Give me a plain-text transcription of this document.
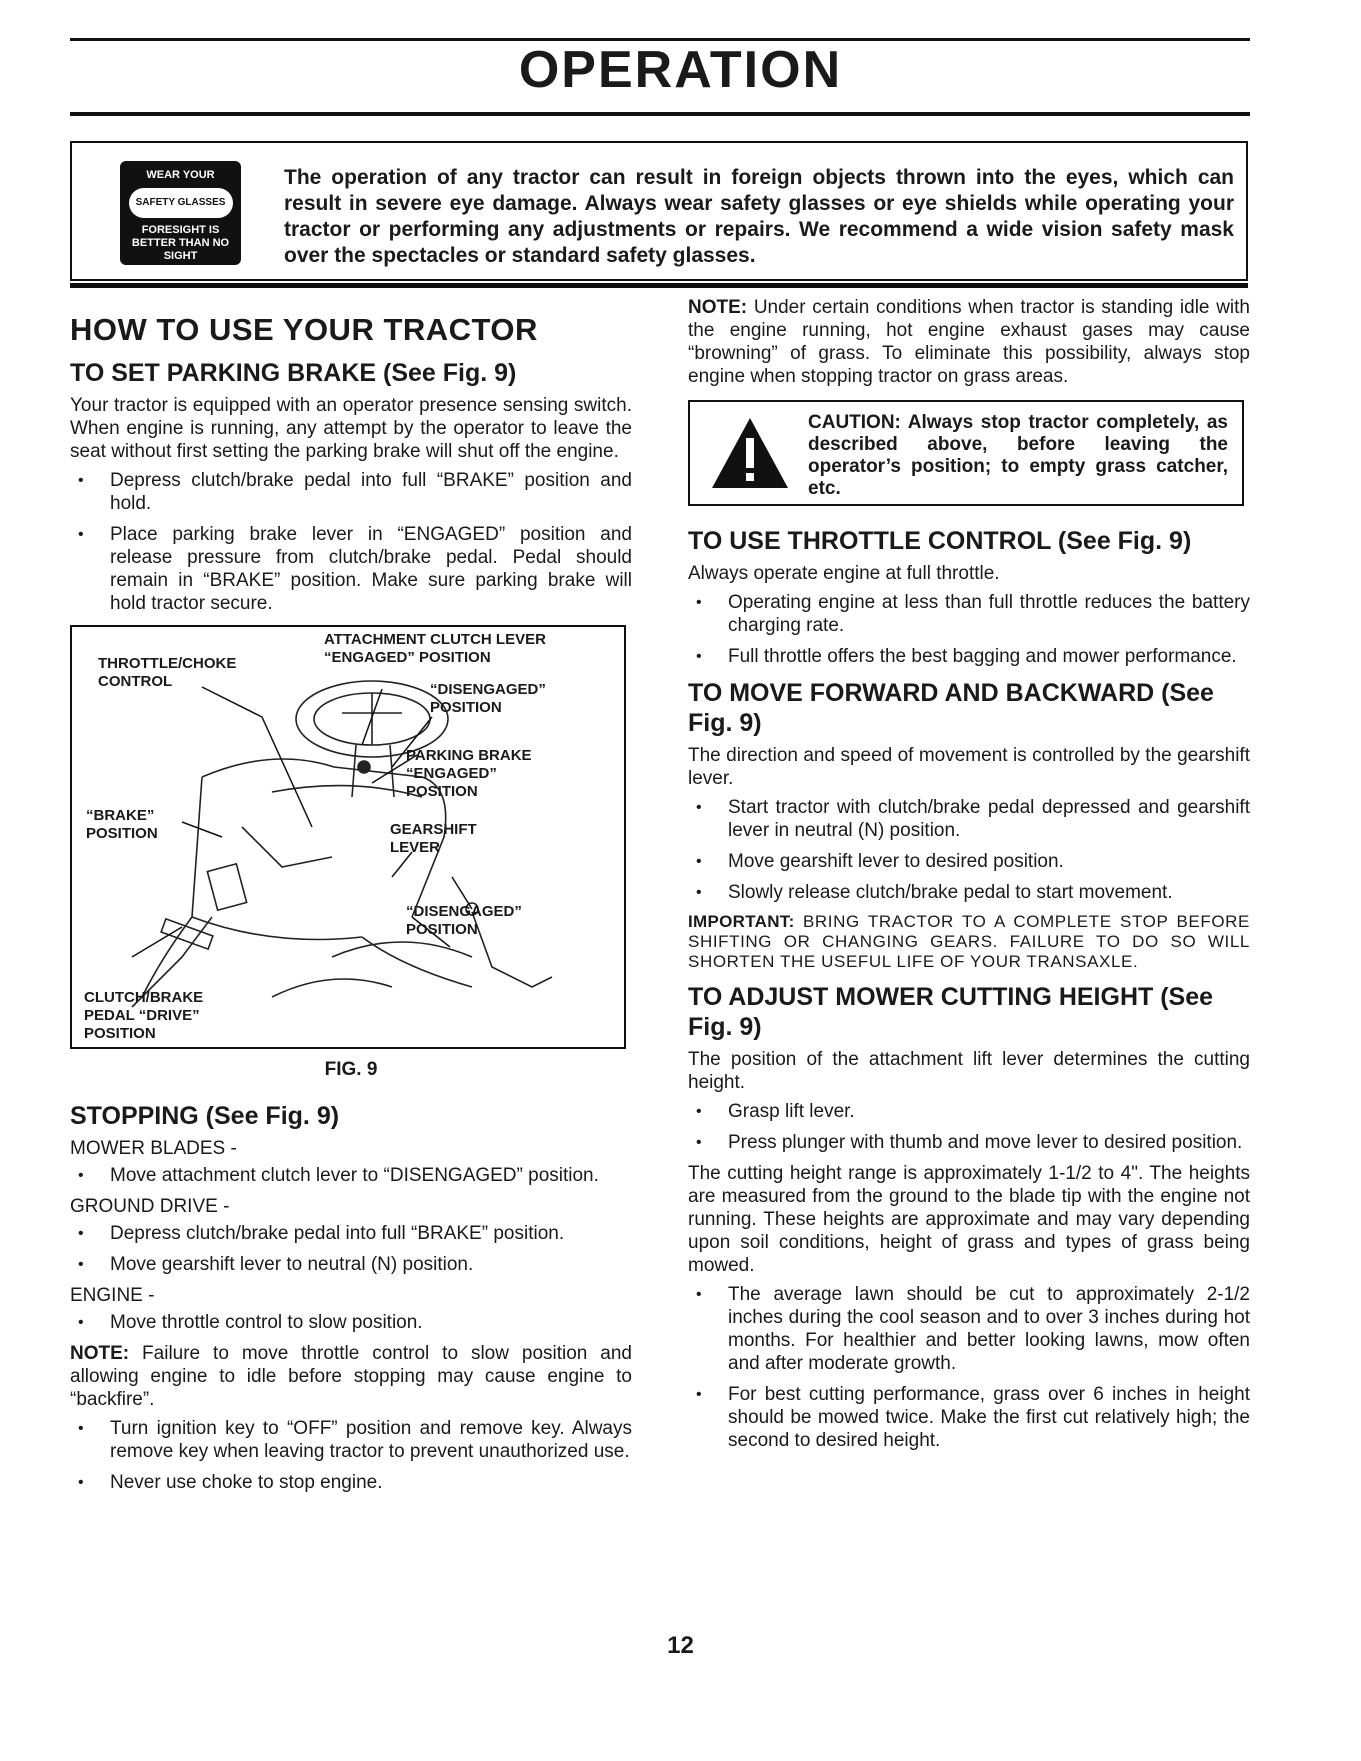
OPERATION
WEAR YOUR
SAFETY GLASSES
FORESIGHT IS BETTER THAN NO SIGHT

The operation of any tractor can result in foreign objects thrown into the eyes, which can result in severe eye damage. Always wear safety glasses or eye shields while operating your tractor or performing any adjustments or repairs. We recommend a wide vision safety mask over the spectacles or standard safety glasses.

HOW TO USE YOUR TRACTOR
TO SET PARKING BRAKE (See Fig. 9)

Your tractor is equipped with an operator presence sensing switch. When engine is running, any attempt by the operator to leave the seat without first setting the parking brake will shut off the engine.

• Depress clutch/brake pedal into full “BRAKE” position and hold.
• Place parking brake lever in “ENGAGED” position and release pressure from clutch/brake pedal. Pedal should remain in “BRAKE” position. Make sure parking brake will hold tractor secure.
ATTACHMENT CLUTCH LEVER
“ENGAGED” POSITION
THROTTLE/CHOKE
CONTROL	“DISENGAGED”
POSITION
PARKING BRAKE
“ENGAGED”
POSITION
“BRAKE”
POSITION	GEARSHIFT
LEVER
“DISENGAGED”
POSITION
CLUTCH/BRAKE
PEDAL “DRIVE”
POSITION
FIG. 9
STOPPING (See Fig. 9)

MOWER BLADES -

• Move attachment clutch lever to “DISENGAGED” position.

GROUND DRIVE -

• Depress clutch/brake pedal into full “BRAKE” position.
• Move gearshift lever to neutral (N) position.

ENGINE -

• Move throttle control to slow position.

NOTE: Failure to move throttle control to slow position and allowing engine to idle before stopping may cause engine to “backfire”.

• Turn ignition key to “OFF” position and remove key. Always remove key when leaving tractor to prevent unauthorized use.
• Never use choke to stop engine.

NOTE: Under certain conditions when tractor is standing idle with the engine running, hot engine exhaust gases may cause “browning” of grass. To eliminate this possibility, always stop engine when stopping tractor on grass areas.

CAUTION: Always stop tractor completely, as described above, before leaving the operator’s position; to empty grass catcher, etc.

TO USE THROTTLE CONTROL (See Fig. 9)

Always operate engine at full throttle.

• Operating engine at less than full throttle reduces the battery charging rate.
• Full throttle offers the best bagging and mower performance.
TO MOVE FORWARD AND BACKWARD (See Fig. 9)

The direction and speed of movement is controlled by the gearshift lever.

• Start tractor with clutch/brake pedal depressed and gearshift lever in neutral (N) position.
• Move gearshift lever to desired position.
• Slowly release clutch/brake pedal to start movement.

IMPORTANT: BRING TRACTOR TO A COMPLETE STOP BEFORE SHIFTING OR CHANGING GEARS. FAILURE TO DO SO WILL SHORTEN THE USEFUL LIFE OF YOUR TRANSAXLE.

TO ADJUST MOWER CUTTING HEIGHT (See Fig. 9)

The position of the attachment lift lever determines the cutting height.

• Grasp lift lever.
• Press plunger with thumb and move lever to desired position.

The cutting height range is approximately 1-1/2 to 4". The heights are measured from the ground to the blade tip with the engine not running. These heights are approximate and may vary depending upon soil conditions, height of grass and types of grass being mowed.

• The average lawn should be cut to approximately 2-1/2 inches during the cool season and to over 3 inches during hot months. For healthier and better looking lawns, mow often and after moderate growth.
• For best cutting performance, grass over 6 inches in height should be mowed twice. Make the first cut relatively high; the second to desired height.
12
